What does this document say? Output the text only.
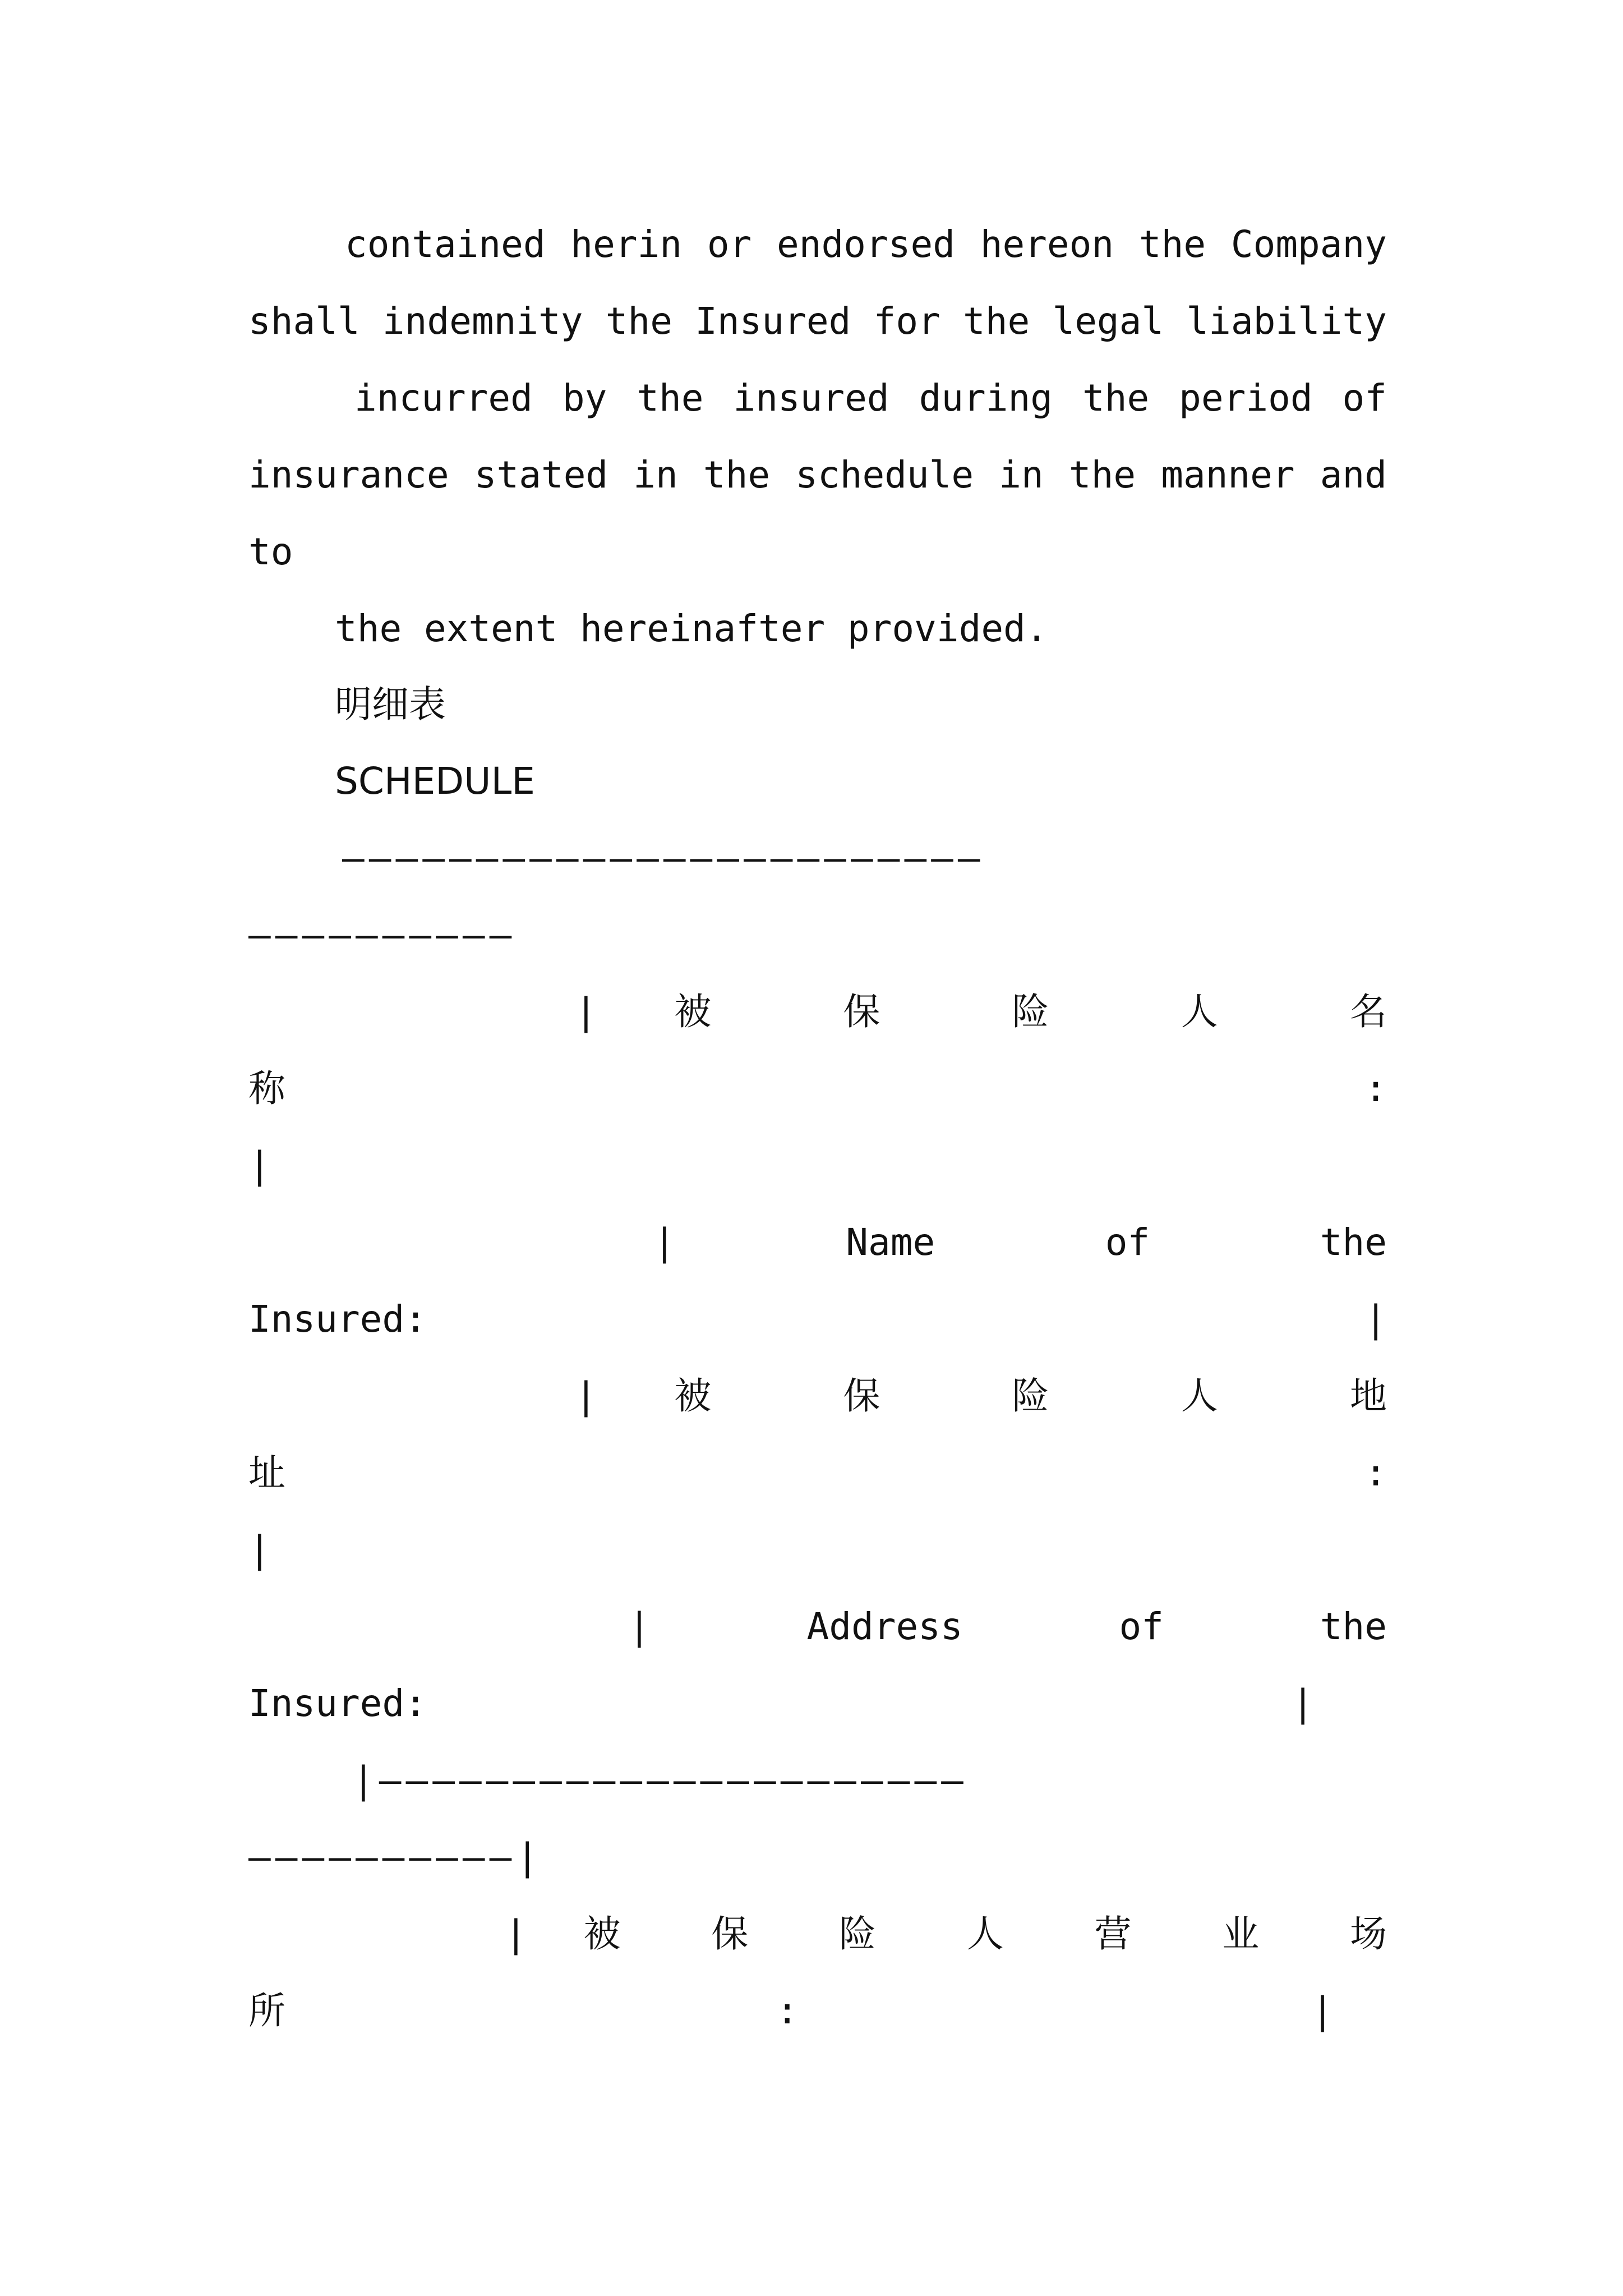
contained herin or endorsed hereon the Company
shall indemnity the Insured for the legal liability
incurred by the insured during the period of
insurance stated in the schedule in the manner and
to
the extent hereinafter provided.
明细表
SCHEDULE
————————————————————————
——————————
| 被 保 险 人 名
称 :
|
| Name of the
Insured: |
| 被 保 险 人 地
址 :
|
| Address of the
Insured: |
|——————————————————————
——————————|
| 被 保 险 人 营 业 场
所: |
